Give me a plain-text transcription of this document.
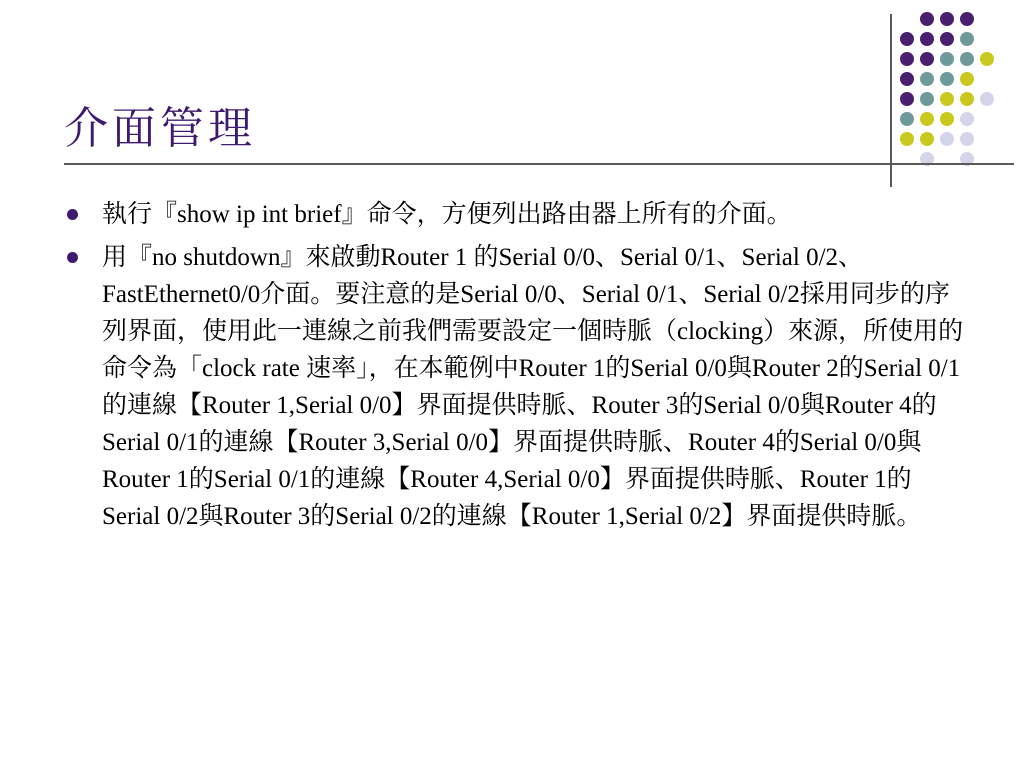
介面管理
執行『show ip int brief』命令，方便列出路由器上所有的介面。
用『no shutdown』來啟動Router 1 的Serial 0/0、Serial 0/1、Serial 0/2、FastEthernet0/0介面。要注意的是Serial 0/0、Serial 0/1、Serial 0/2採用同步的序列界面，使用此一連線之前我們需要設定一個時脈（clocking）來源，所使用的命令為「clock rate 速率」，在本範例中Router 1的Serial 0/0與Router 2的Serial 0/1的連線【Router 1,Serial 0/0】界面提供時脈、Router 3的Serial 0/0與Router 4的Serial 0/1的連線【Router 3,Serial 0/0】界面提供時脈、Router 4的Serial 0/0與Router 1的Serial 0/1的連線【Router 4,Serial 0/0】界面提供時脈、Router 1的Serial 0/2與Router 3的Serial 0/2的連線【Router 1,Serial 0/2】界面提供時脈。
